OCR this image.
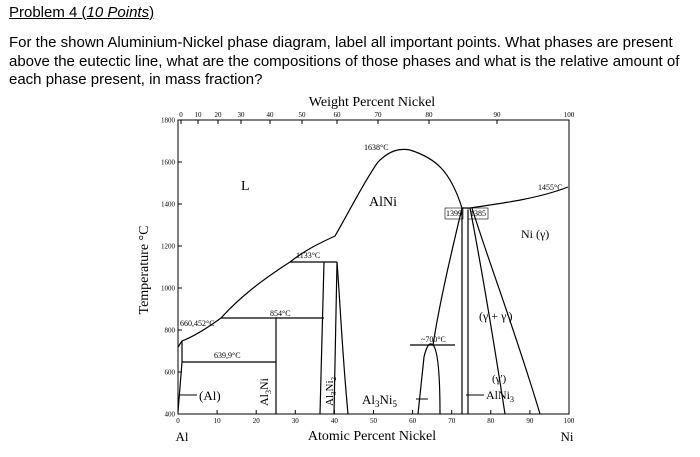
Problem 4 (10 Points)
For the shown Aluminium-Nickel phase diagram, label all important points. What phases are present above the eutectic line, what are the compositions of those phases and what is the relative amount of each phase present, in mass fraction?
Weight Percent Nickel
Atomic Percent Nickel
Temperature °C
Al	Ni
0 10 20 30	40	50	60	70	80	90	100
0	10	20	30	40	50	60	70	80	90	100
1800
1600
1400
1200
1000
800
600
400
1638°C
1455°C
1133°C
854°C
660,452°C
639,9°C
~700°C
1399 1385
L
AlNi
Ni (γ)
(γ + γ')
(γ')
AlNi$_3$
(Al)	$Al_3Ni_5$
$Al_3Ni$
$Al_3Ni_2$
